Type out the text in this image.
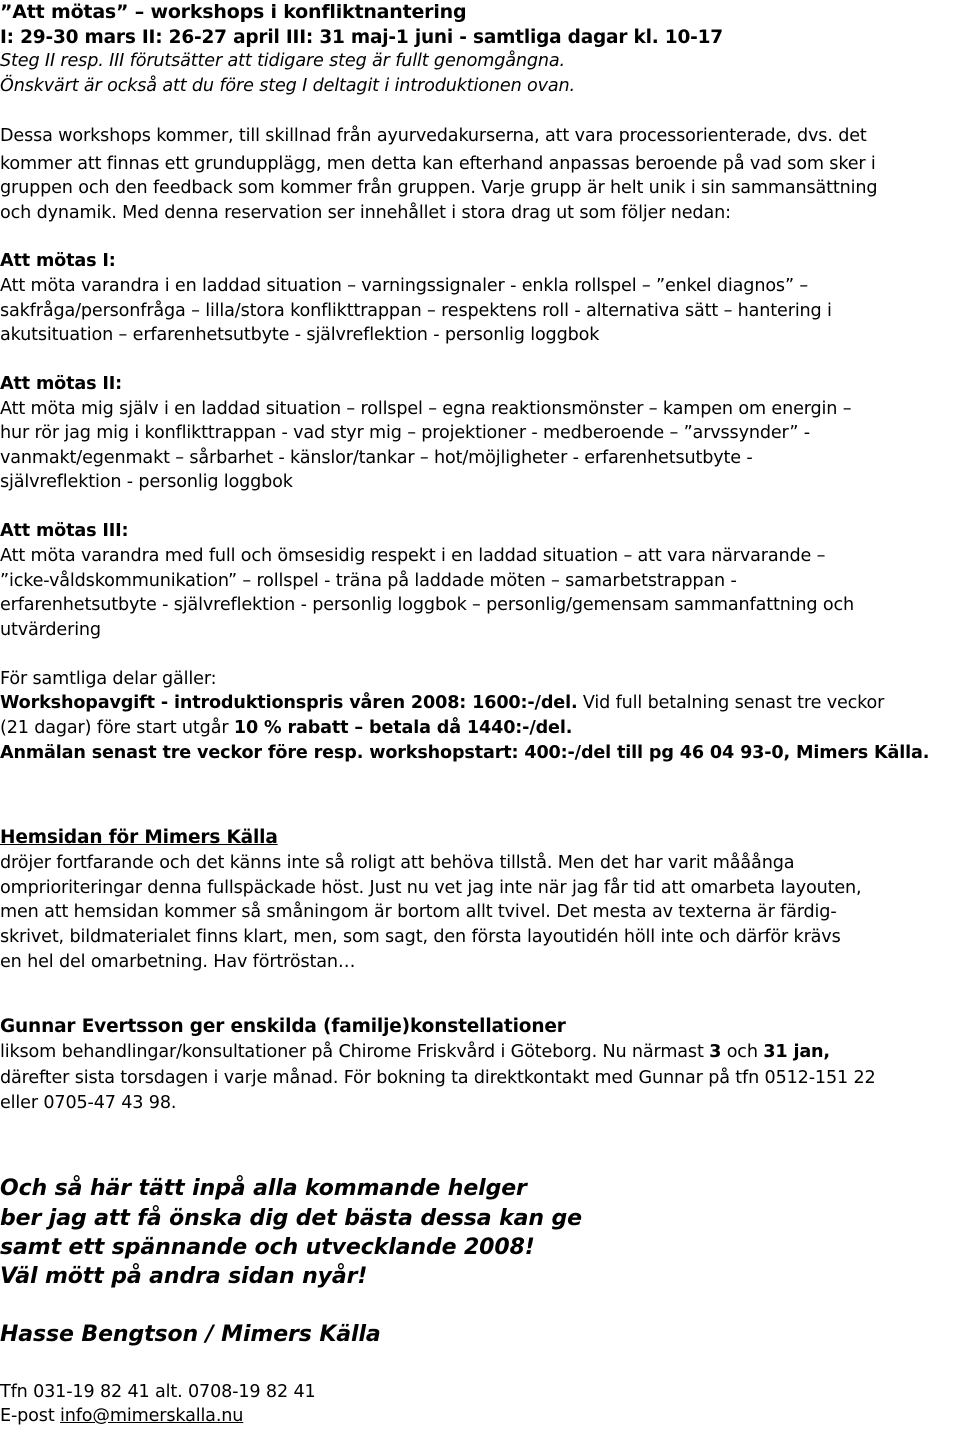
”Att mötas” – workshops i konfliktnantering

I: 29-30 mars II: 26-27 april III: 31 maj-1 juni - samtliga dagar kl. 10-17

Steg II resp. III förutsätter att tidigare steg är fullt genomgångna.

Önskvärt är också att du före steg I deltagit i introduktionen ovan.

Dessa workshops kommer, till skillnad från ayurvedakurserna, att vara processorienterade, dvs. det

kommer att finnas ett grundupplägg, men detta kan efterhand anpassas beroende på vad som sker i

gruppen och den feedback som kommer från gruppen. Varje grupp är helt unik i sin sammansättning

och dynamik. Med denna reservation ser innehållet i stora drag ut som följer nedan:

Att mötas I:

Att möta varandra i en laddad situation – varningssignaler - enkla rollspel – ”enkel diagnos” –

sakfråga/personfråga – lilla/stora konflikttrappan – respektens roll - alternativa sätt – hantering i

akutsituation – erfarenhetsutbyte - självreflektion - personlig loggbok

Att mötas II:

Att möta mig själv i en laddad situation – rollspel – egna reaktionsmönster – kampen om energin –

hur rör jag mig i konflikttrappan - vad styr mig – projektioner - medberoende – ”arvssynder” -

vanmakt/egenmakt – sårbarhet - känslor/tankar – hot/möjligheter - erfarenhetsutbyte -

självreflektion - personlig loggbok

Att mötas III:

Att möta varandra med full och ömsesidig respekt i en laddad situation – att vara närvarande –

”icke-våldskommunikation” – rollspel - träna på laddade möten – samarbetstrappan -

erfarenhetsutbyte - självreflektion - personlig loggbok – personlig/gemensam sammanfattning och

utvärdering

För samtliga delar gäller:

Workshopavgift - introduktionspris våren 2008: 1600:-/del. Vid full betalning senast tre veckor

(21 dagar) före start utgår 10 % rabatt – betala då 1440:-/del.

Anmälan senast tre veckor före resp. workshopstart: 400:-/del till pg 46 04 93-0, Mimers Källa.

Hemsidan för Mimers Källa

dröjer fortfarande och det känns inte så roligt att behöva tillstå. Men det har varit mååånga

omprioriteringar denna fullspäckade höst. Just nu vet jag inte när jag får tid att omarbeta layouten,

men att hemsidan kommer så småningom är bortom allt tvivel. Det mesta av texterna är färdig-

skrivet, bildmaterialet finns klart, men, som sagt, den första layoutidén höll inte och därför krävs

en hel del omarbetning. Hav förtröstan…

Gunnar Evertsson ger enskilda (familje)konstellationer

liksom behandlingar/konsultationer på Chirome Friskvård i Göteborg. Nu närmast 3 och 31 jan,

därefter sista torsdagen i varje månad. För bokning ta direktkontakt med Gunnar på tfn 0512-151 22

eller 0705-47 43 98.

Och så här tätt inpå alla kommande helger

ber jag att få önska dig det bästa dessa kan ge

samt ett spännande och utvecklande 2008!

Väl mött på andra sidan nyår!

Hasse Bengtson / Mimers Källa

Tfn 031-19 82 41 alt. 0708-19 82 41

E-post info@mimerskalla.nu
